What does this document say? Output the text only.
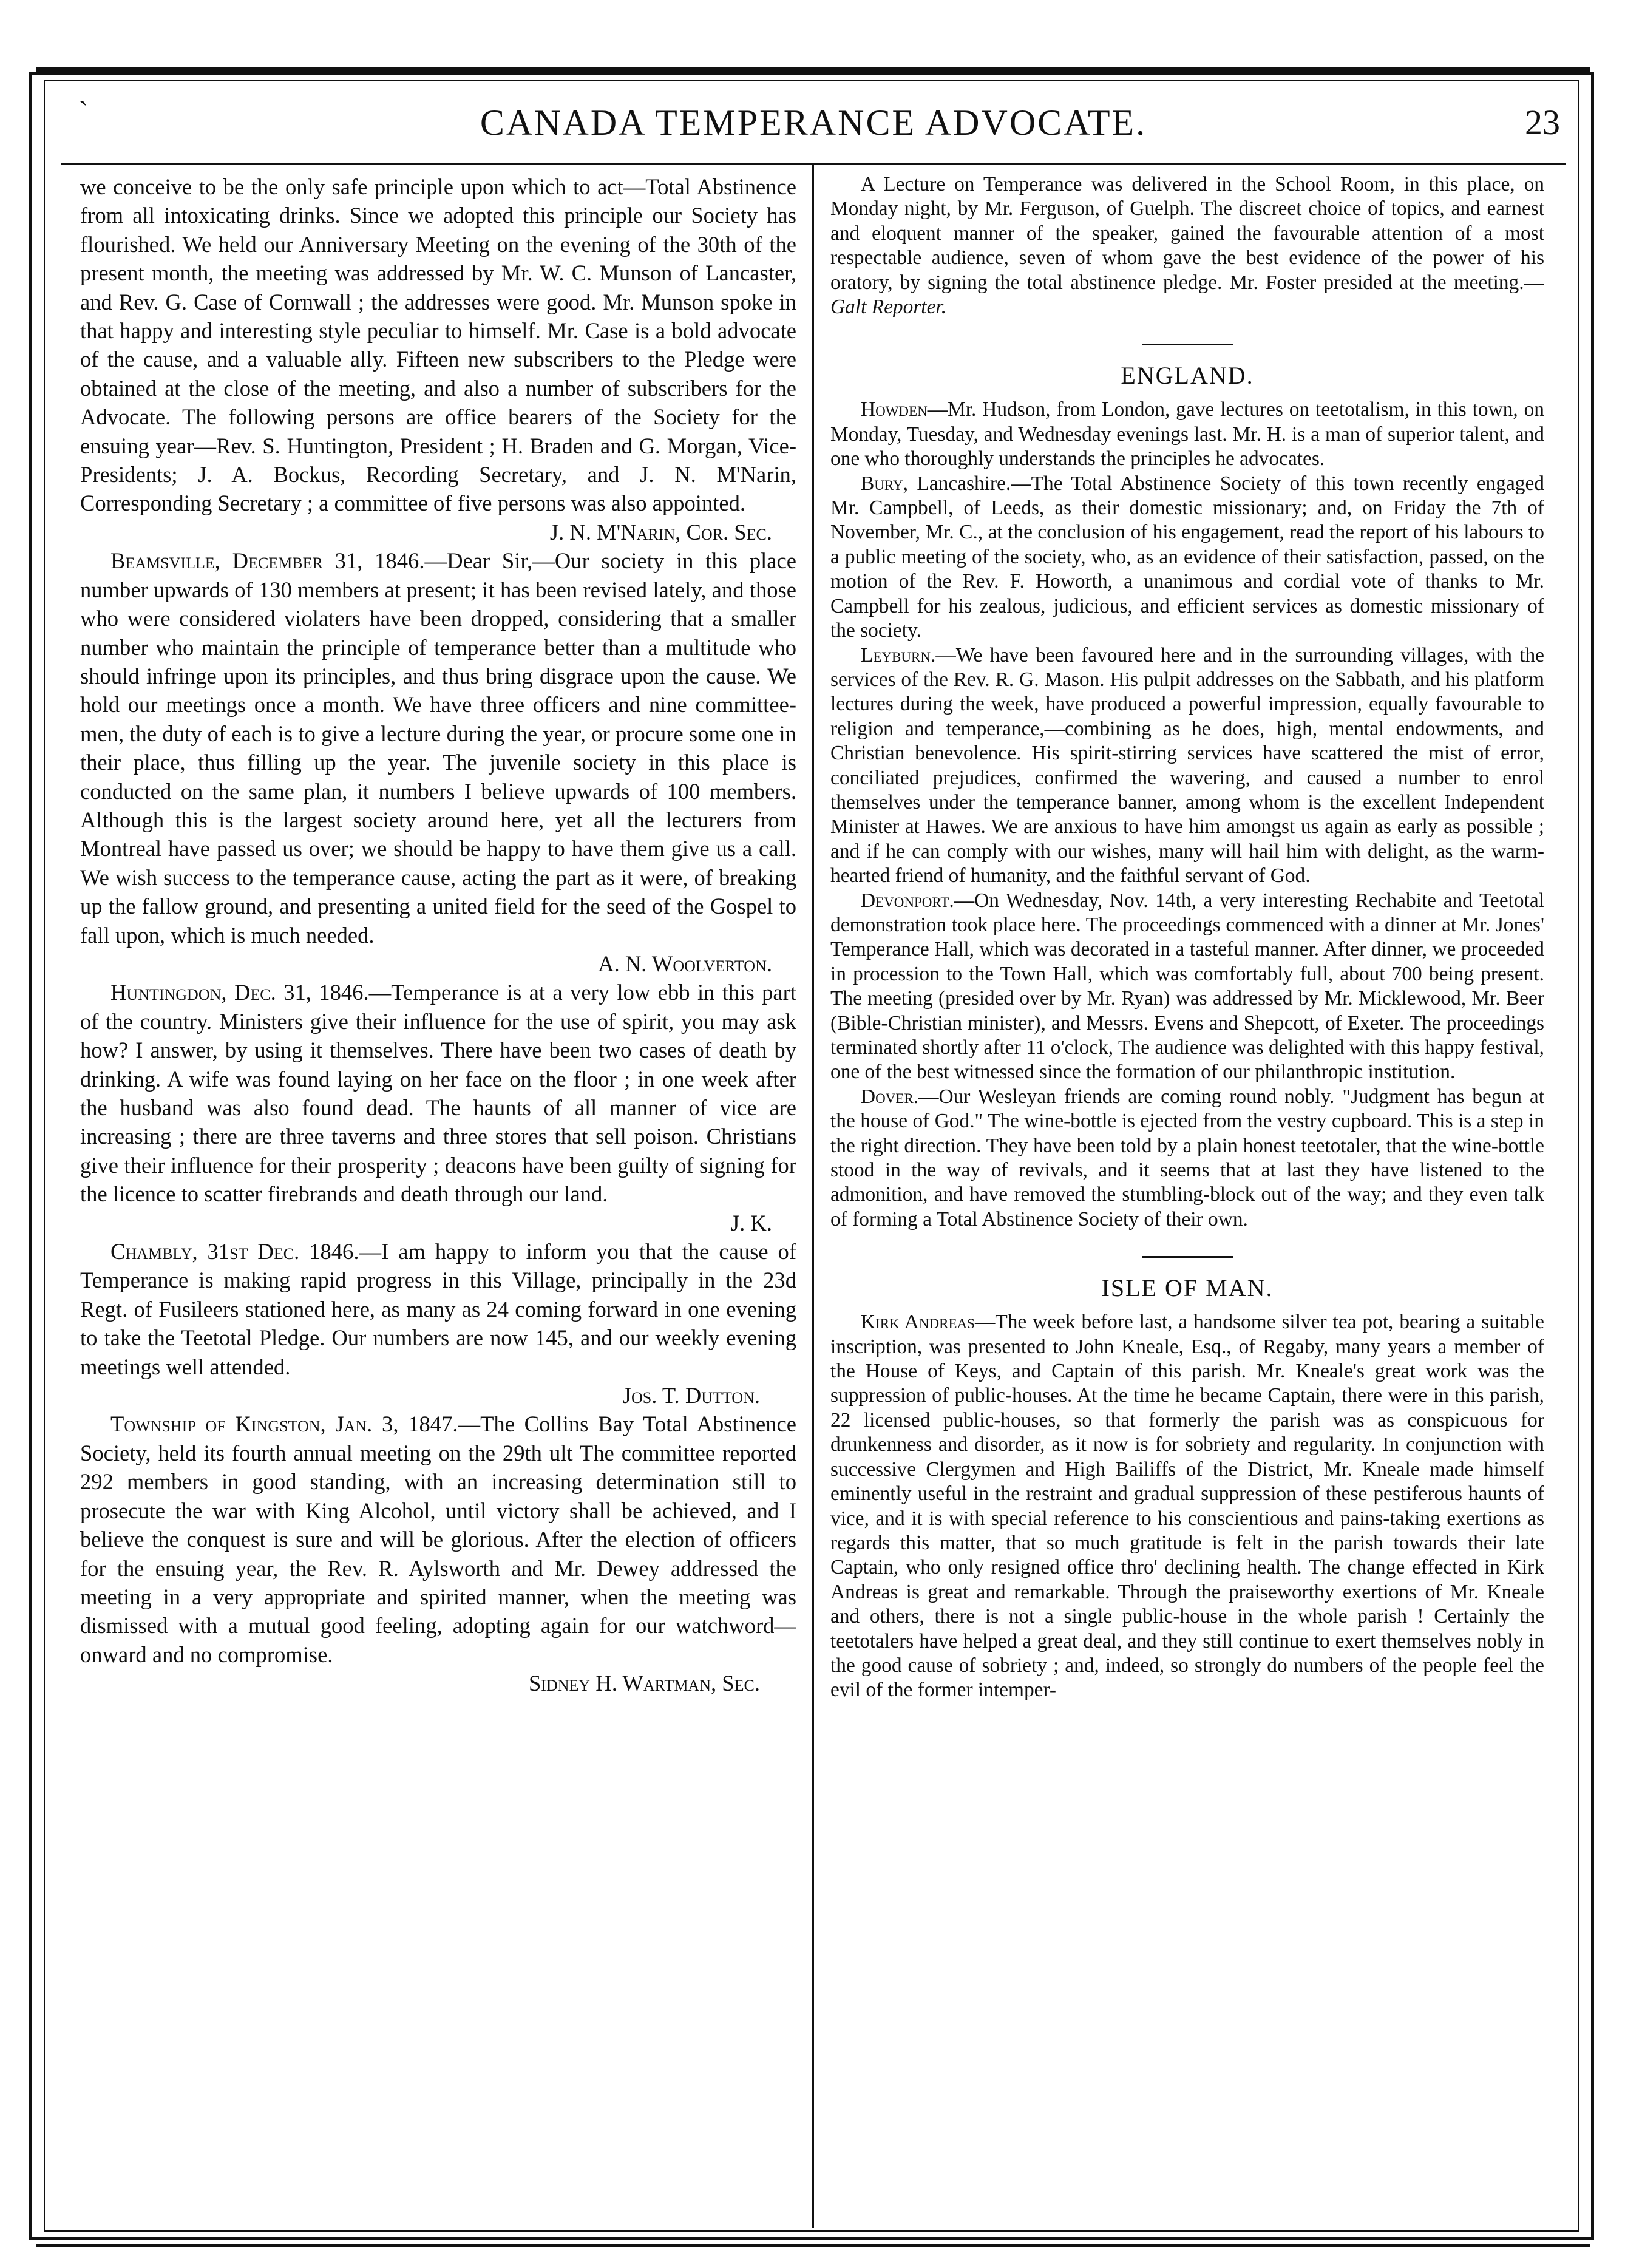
`	CANADA TEMPERANCE ADVOCATE.	23

we conceive to be the only safe principle upon which to act—Total Abstinence from all intoxicating drinks. Since we adopted this principle our Society has flourished. We held our Anniversary Meeting on the evening of the 30th of the present month, the meeting was addressed by Mr. W. C. Munson of Lancaster, and Rev. G. Case of Cornwall ; the addresses were good. Mr. Munson spoke in that happy and interesting style peculiar to himself. Mr. Case is a bold advocate of the cause, and a valuable ally. Fifteen new subscribers to the Pledge were obtained at the close of the meeting, and also a number of subscribers for the Advocate. The following persons are office bearers of the Society for the ensuing year—Rev. S. Huntington, President ; H. Braden and G. Morgan, Vice-Presidents; J. A. Bockus, Recording Secretary, and J. N. M'Narin, Corresponding Secretary ; a committee of five persons was also appointed.

J. N. M'Narin, Cor. Sec.

Beamsville, December 31, 1846.—Dear Sir,—Our society in this place number upwards of 130 members at present; it has been revised lately, and those who were considered violaters have been dropped, considering that a smaller number who maintain the principle of temperance better than a multitude who should infringe upon its principles, and thus bring disgrace upon the cause. We hold our meetings once a month. We have three officers and nine committee-men, the duty of each is to give a lecture during the year, or procure some one in their place, thus filling up the year. The juvenile society in this place is conducted on the same plan, it numbers I believe upwards of 100 members. Although this is the largest society around here, yet all the lecturers from Montreal have passed us over; we should be happy to have them give us a call. We wish success to the temperance cause, acting the part as it were, of breaking up the fallow ground, and presenting a united field for the seed of the Gospel to fall upon, which is much needed.

A. N. Woolverton.

Huntingdon, Dec. 31, 1846.—Temperance is at a very low ebb in this part of the country. Ministers give their influence for the use of spirit, you may ask how? I answer, by using it themselves. There have been two cases of death by drinking. A wife was found laying on her face on the floor ; in one week after the husband was also found dead. The haunts of all manner of vice are increasing ; there are three taverns and three stores that sell poison. Christians give their influence for their prosperity ; deacons have been guilty of signing for the licence to scatter firebrands and death through our land.

J. K.

Chambly, 31st Dec. 1846.—I am happy to inform you that the cause of Temperance is making rapid progress in this Village, principally in the 23d Regt. of Fusileers stationed here, as many as 24 coming forward in one evening to take the Teetotal Pledge. Our numbers are now 145, and our weekly evening meetings well attended.

Jos. T. Dutton.

Township of Kingston, Jan. 3, 1847.—The Collins Bay Total Abstinence Society, held its fourth annual meeting on the 29th ult The committee reported 292 members in good standing, with an increasing determination still to prosecute the war with King Alcohol, until victory shall be achieved, and I believe the conquest is sure and will be glorious. After the election of officers for the ensuing year, the Rev. R. Aylsworth and Mr. Dewey addressed the meeting in a very appropriate and spirited manner, when the meeting was dismissed with a mutual good feeling, adopting again for our watchword—onward and no compromise.

Sidney H. Wartman, Sec.

A Lecture on Temperance was delivered in the School Room, in this place, on Monday night, by Mr. Ferguson, of Guelph. The discreet choice of topics, and earnest and eloquent manner of the speaker, gained the favourable attention of a most respectable audience, seven of whom gave the best evidence of the power of his oratory, by signing the total abstinence pledge. Mr. Foster presided at the meeting.—Galt Reporter.

ENGLAND.

Howden—Mr. Hudson, from London, gave lectures on teetotalism, in this town, on Monday, Tuesday, and Wednesday evenings last. Mr. H. is a man of superior talent, and one who thoroughly understands the principles he advocates.

Bury, Lancashire.—The Total Abstinence Society of this town recently engaged Mr. Campbell, of Leeds, as their domestic missionary; and, on Friday the 7th of November, Mr. C., at the conclusion of his engagement, read the report of his labours to a public meeting of the society, who, as an evidence of their satisfaction, passed, on the motion of the Rev. F. Howorth, a unanimous and cordial vote of thanks to Mr. Campbell for his zealous, judicious, and efficient services as domestic missionary of the society.

Leyburn.—We have been favoured here and in the surrounding villages, with the services of the Rev. R. G. Mason. His pulpit addresses on the Sabbath, and his platform lectures during the week, have produced a powerful impression, equally favourable to religion and temperance,—combining as he does, high, mental endowments, and Christian benevolence. His spirit-stirring services have scattered the mist of error, conciliated prejudices, confirmed the wavering, and caused a number to enrol themselves under the temperance banner, among whom is the excellent Independent Minister at Hawes. We are anxious to have him amongst us again as early as possible ; and if he can comply with our wishes, many will hail him with delight, as the warm-hearted friend of humanity, and the faithful servant of God.

Devonport.—On Wednesday, Nov. 14th, a very interesting Rechabite and Teetotal demonstration took place here. The proceedings commenced with a dinner at Mr. Jones' Temperance Hall, which was decorated in a tasteful manner. After dinner, we proceeded in procession to the Town Hall, which was comfortably full, about 700 being present. The meeting (presided over by Mr. Ryan) was addressed by Mr. Micklewood, Mr. Beer (Bible-Christian minister), and Messrs. Evens and Shepcott, of Exeter. The proceedings terminated shortly after 11 o'clock, The audience was delighted with this happy festival, one of the best witnessed since the formation of our philanthropic institution.

Dover.—Our Wesleyan friends are coming round nobly. "Judgment has begun at the house of God." The wine-bottle is ejected from the vestry cupboard. This is a step in the right direction. They have been told by a plain honest teetotaler, that the wine-bottle stood in the way of revivals, and it seems that at last they have listened to the admonition, and have removed the stumbling-block out of the way; and they even talk of forming a Total Abstinence Society of their own.

ISLE OF MAN.

Kirk Andreas—The week before last, a handsome silver tea pot, bearing a suitable inscription, was presented to John Kneale, Esq., of Regaby, many years a member of the House of Keys, and Captain of this parish. Mr. Kneale's great work was the suppression of public-houses. At the time he became Captain, there were in this parish, 22 licensed public-houses, so that formerly the parish was as conspicuous for drunkenness and disorder, as it now is for sobriety and regularity. In conjunction with successive Clergymen and High Bailiffs of the District, Mr. Kneale made himself eminently useful in the restraint and gradual suppression of these pestiferous haunts of vice, and it is with special reference to his conscientious and pains-taking exertions as regards this matter, that so much gratitude is felt in the parish towards their late Captain, who only resigned office thro' declining health. The change effected in Kirk Andreas is great and remarkable. Through the praiseworthy exertions of Mr. Kneale and others, there is not a single public-house in the whole parish ! Certainly the teetotalers have helped a great deal, and they still continue to exert themselves nobly in the good cause of sobriety ; and, indeed, so strongly do numbers of the people feel the evil of the former intemper-
